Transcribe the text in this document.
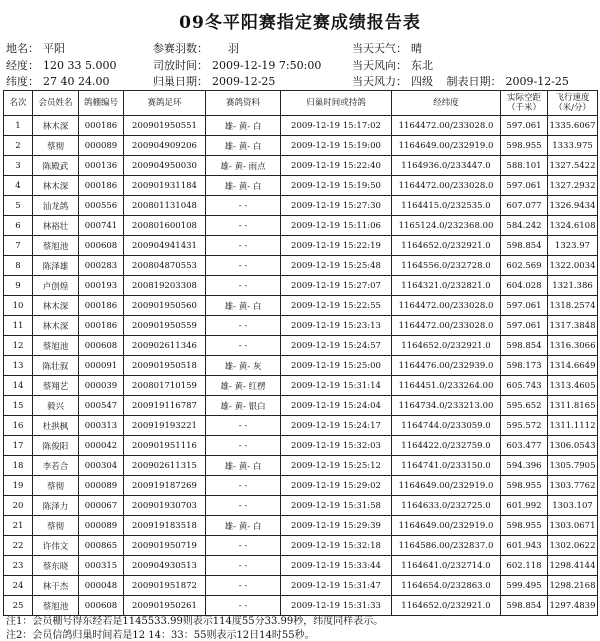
09冬平阳赛指定赛成绩报告表
地名： 平阳	参赛羽数： 羽	当天天气： 晴
经度： 120 33 5.000	司放时间： 2009-12-19 7:50:00	当天风向： 东北
纬度： 27 40 24.00	归巢日期： 2009-12-25	当天风力： 四级 制表日期： 2009-12-25
名次	会员姓名	鸽棚编号	赛鸽足环	赛鸽资料	归巢时间或持鸽	经纬度	实际空距（千米）	飞行速度（米/分）
1	林木深	000186	200901950551	雄- 黄- 白	2009-12-19 15:17:02	1164472.00/233028.0	597.061	1335.6067
2	蔡彻	000089	200904909206	雄- 黄- 白	2009-12-19 15:19:00	1164649.00/232919.0	598.955	1333.975
3	陈殿武	000136	200904950030	雄- 黄- 雨点	2009-12-19 15:22:40	1164936.0/233447.0	588.101	1327.5422
4	林木深	000186	200901931184	雄- 黄- 白	2009-12-19 15:19:50	1164472.00/233028.0	597.061	1327.2932
5	汕龙鸽	000556	200801131048	- -	2009-12-19 15:27:30	1164415.0/232535.0	607.077	1326.9434
6	林裕壮	000741	200801600108	- -	2009-12-19 15:11:06	1165124.0/232368.00	584.242	1324.6108
7	蔡旭池	000608	200904941431	- -	2009-12-19 15:22:19	1164652.0/232921.0	598.854	1323.97
8	陈泽雄	000283	200804870553	- -	2009-12-19 15:25:48	1164556.0/232728.0	602.569	1322.0034
9	卢创煌	000193	200819203308	- -	2009-12-19 15:27:07	1164321.0/232821.0	604.028	1321.386
10	林木深	000186	200901950560	雄- 黄- 白	2009-12-19 15:22:55	1164472.00/233028.0	597.061	1318.2574
11	林木深	000186	200901950559	- -	2009-12-19 15:23:13	1164472.00/233028.0	597.061	1317.3848
12	蔡旭池	000608	200902611346	- -	2009-12-19 15:24:57	1164652.0/232921.0	598.854	1316.3066
13	陈壮叙	000091	200901950518	雄- 黄- 灰	2009-12-19 15:25:00	1164476.00/232939.0	598.173	1314.6649
14	蔡翔艺	000039	200801710159	雄- 黄- 红楞	2009-12-19 15:31:14	1164451.0/233264.00	605.743	1313.4605
15	毅兴	000547	200919116787	雄- 黄- 银白	2009-12-19 15:24:04	1164734.0/233213.00	595.652	1311.8165
16	杜拱枫	000313	200919193221	- -	2009-12-19 15:24:17	1164744.0/233059.0	595.572	1311.1112
17	陈俊阳	000042	200901951116	- -	2009-12-19 15:32:03	1164422.0/232759.0	603.477	1306.0543
18	李若合	000304	200902611315	雄- 黄- 白	2009-12-19 15:25:12	1164741.0/233150.0	594.396	1305.7905
19	蔡彻	000089	200919187269	- -	2009-12-19 15:29:02	1164649.00/232919.0	598.955	1303.7762
20	陈泽力	000067	200901930703	- -	2009-12-19 15:31:58	1164633.0/232725.0	601.992	1303.107
21	蔡彻	000089	200919183518	雄- 黄- 白	2009-12-19 15:29:39	1164649.00/232919.0	598.955	1303.0671
22	许伟文	000865	200901950719	- -	2009-12-19 15:32:18	1164586.00/232837.0	601.943	1302.0622
23	蔡东晓	000315	200904930513	- -	2009-12-19 15:33:44	1164641.0/232714.0	602.118	1298.4144
24	林干杰	000048	200901951872	- -	2009-12-19 15:31:47	1164654.0/232863.0	599.495	1298.2168
25	蔡旭池	000608	200901950261	- -	2009-12-19 15:31:33	1164652.0/232921.0	598.854	1297.4839
注1：会员棚号得东经若是1145533.99则表示114度55分33.99秒，纬度同样表示。
注2：会员信鸽归巢时间若是12 14：33：55则表示12日14时55秒。
